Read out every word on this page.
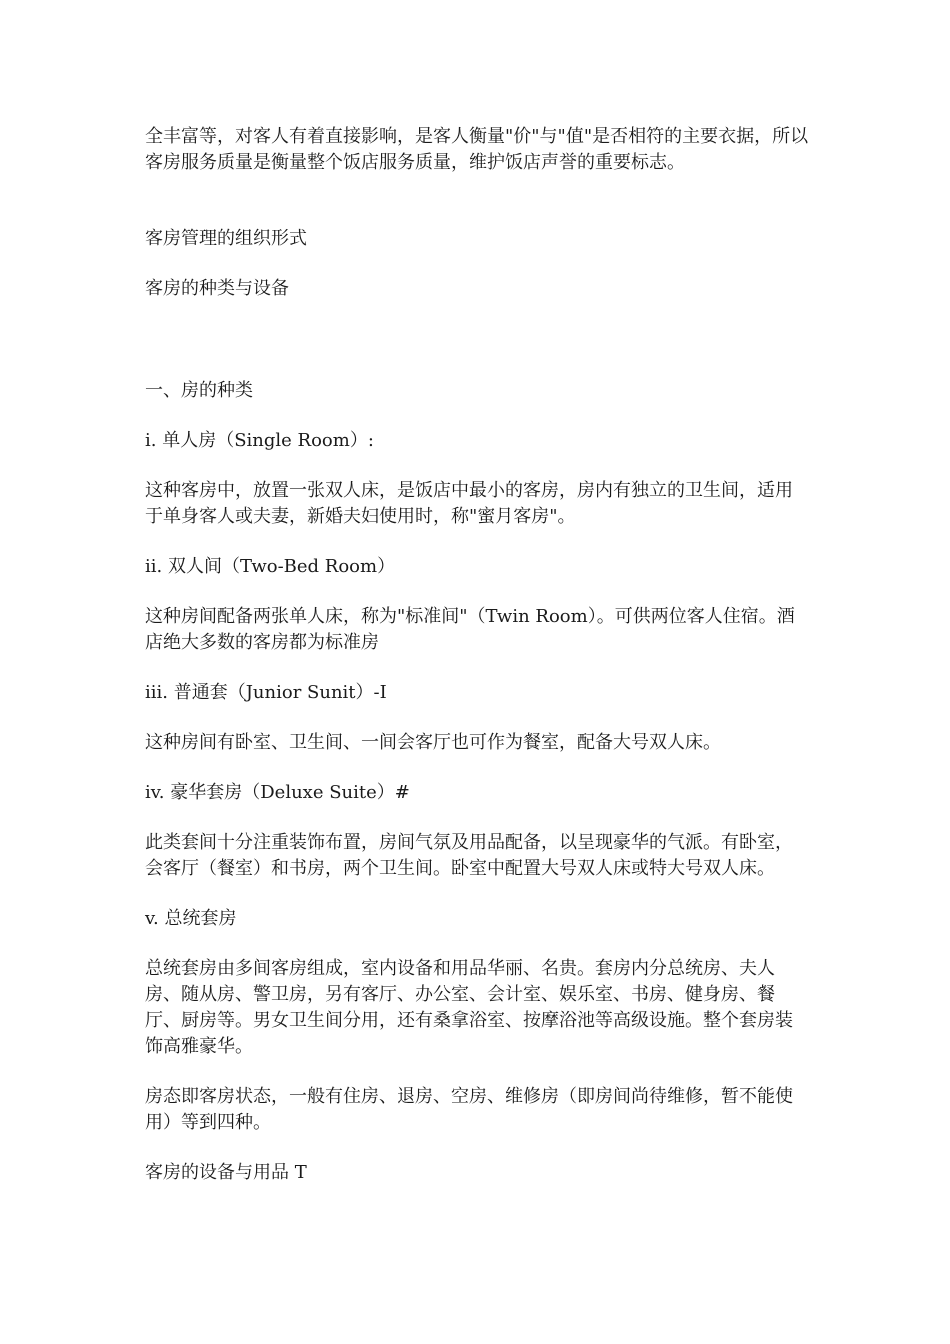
全丰富等，对客人有着直接影响，是客人衡量"价"与"值"是否相符的主要衣据，所以客房服务质量是衡量整个饭店服务质量，维护饭店声誉的重要标志。

客房管理的组织形式

客房的种类与设备

一、房的种类

i. 单人房（Single Room）:

这种客房中，放置一张双人床，是饭店中最小的客房，房内有独立的卫生间，适用于单身客人或夫妻，新婚夫妇使用时，称"蜜月客房"。

ii. 双人间（Two-Bed Room）

这种房间配备两张单人床，称为"标准间"（Twin Room）。可供两位客人住宿。酒店绝大多数的客房都为标准房

iii. 普通套（Junior Sunit）-I

这种房间有卧室、卫生间、一间会客厅也可作为餐室，配备大号双人床。

iv. 豪华套房（Deluxe Suite）#

此类套间十分注重装饰布置，房间气氛及用品配备，以呈现豪华的气派。有卧室，会客厅（餐室）和书房，两个卫生间。卧室中配置大号双人床或特大号双人床。

v. 总统套房

总统套房由多间客房组成，室内设备和用品华丽、名贵。套房内分总统房、夫人房、随从房、警卫房，另有客厅、办公室、会计室、娱乐室、书房、健身房、餐厅、厨房等。男女卫生间分用，还有桑拿浴室、按摩浴池等高级设施。整个套房装饰高雅豪华。

房态即客房状态，一般有住房、退房、空房、维修房（即房间尚待维修，暂不能使用）等到四种。

客房的设备与用品 T
